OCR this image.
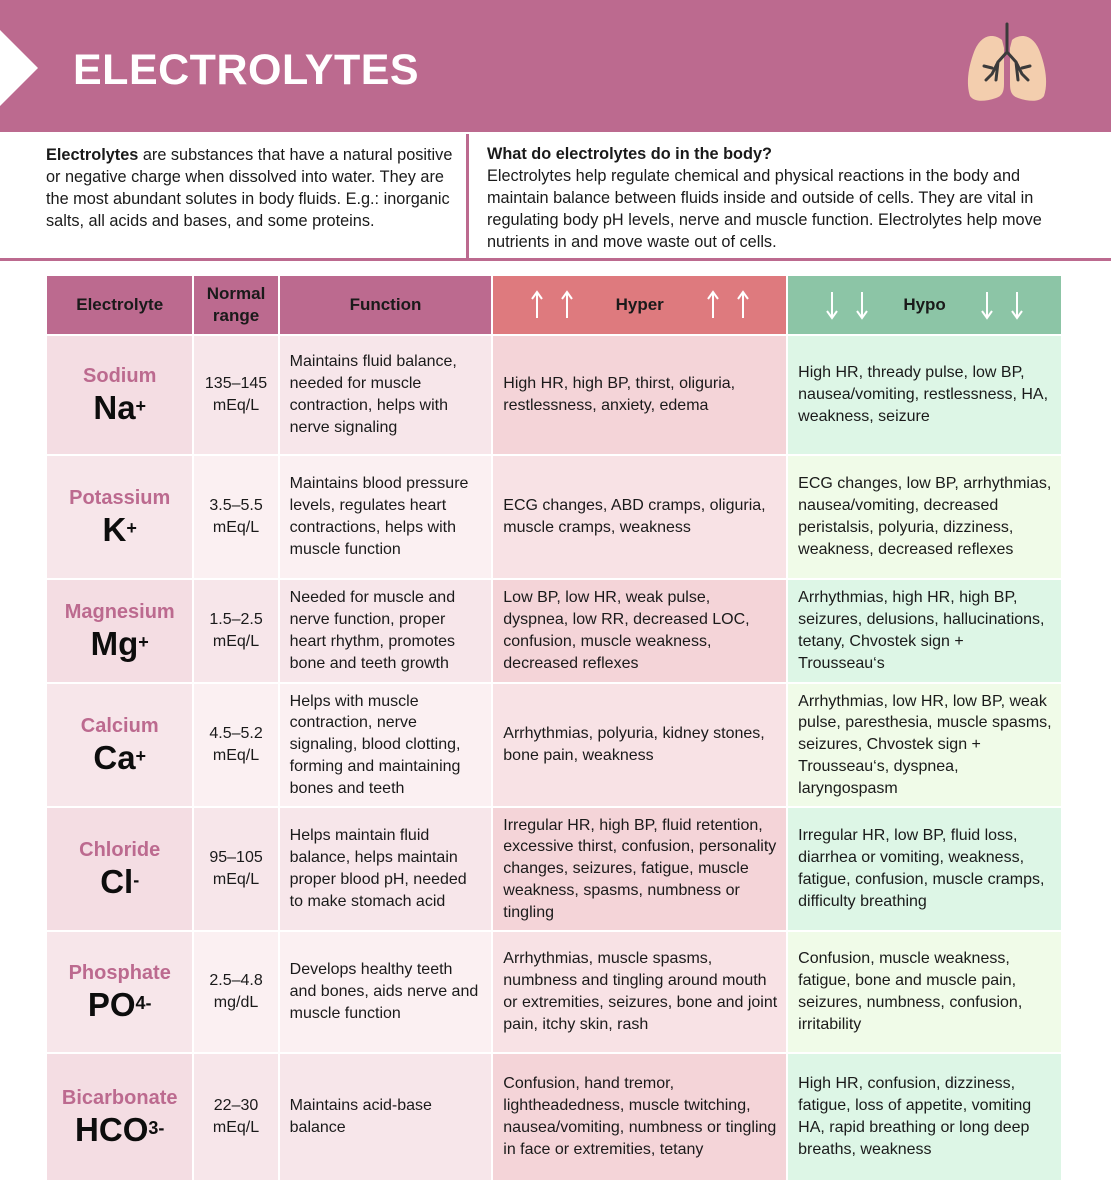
ELECTROLYTES
Electrolytes are substances that have a natural positive or negative charge when dissolved into water. They are the most abundant solutes in body fluids. E.g.: inorganic salts, all acids and bases, and some proteins.
What do electrolytes do in the body?
Electrolytes help regulate chemical and physical reactions in the body and maintain balance between fluids inside and outside of cells. They are vital in regulating body pH levels, nerve and muscle function. Electrolytes help move nutrients in and move waste out of cells.
Electrolyte	Normal range	Function	Hyper	Hypo

Sodium
Na+	135–145 mEq/L	Maintains fluid balance, needed for muscle contraction, helps with nerve signaling	High HR, high BP, thirst, oliguria, restlessness, anxiety, edema	High HR, thready pulse, low BP, nausea/vomiting, restlessness, HA, weakness, seizure

Potassium
K+	3.5–5.5 mEq/L	Maintains blood pressure levels, regulates heart contractions, helps with muscle function	ECG changes, ABD cramps, oliguria, muscle cramps, weakness	ECG changes, low BP, arrhythmias, nausea/vomiting, decreased peristalsis, polyuria, dizziness, weakness, decreased reflexes

Magnesium
Mg+	1.5–2.5 mEq/L	Needed for muscle and nerve function, proper heart rhythm, promotes bone and teeth growth	Low BP, low HR, weak pulse, dyspnea, low RR, decreased LOC, confusion, muscle weakness, decreased reflexes	Arrhythmias, high HR, high BP, seizures, delusions, hallucinations, tetany, Chvostek sign + Trousseau‘s

Calcium
Ca+	4.5–5.2 mEq/L	Helps with muscle contraction, nerve signaling, blood clotting, forming and maintaining bones and teeth	Arrhythmias, polyuria, kidney stones, bone pain, weakness	Arrhythmias, low HR, low BP, weak pulse, paresthesia, muscle spasms, seizures, Chvostek sign + Trousseau‘s, dyspnea, laryngospasm

Chloride
Cl-	95–105 mEq/L	Helps maintain fluid balance, helps maintain proper blood pH, needed to make stomach acid	Irregular HR, high BP, fluid retention, excessive thirst, confusion, personality changes, seizures, fatigue, muscle weakness, spasms, numbness or tingling	Irregular HR, low BP, fluid loss, diarrhea or vomiting, weakness, fatigue, confusion, muscle cramps, difficulty breathing

Phosphate
$PO^{4-}$	2.5–4.8 mg/dL	Develops healthy teeth and bones, aids nerve and muscle function	Arrhythmias, muscle spasms, numbness and tingling around mouth or extremities, seizures, bone and joint pain, itchy skin, rash	Confusion, muscle weakness, fatigue, bone and muscle pain, seizures, numbness, confusion, irritability

Bicarbonate
$HCO^{3-}$	22–30 mEq/L	Maintains acid-base balance	Confusion, hand tremor, lightheadedness, muscle twitching, nausea/vomiting, numbness or tingling in face or extremities, tetany	High HR, confusion, dizziness, fatigue, loss of appetite, vomiting HA, rapid breathing or long deep breaths, weakness
